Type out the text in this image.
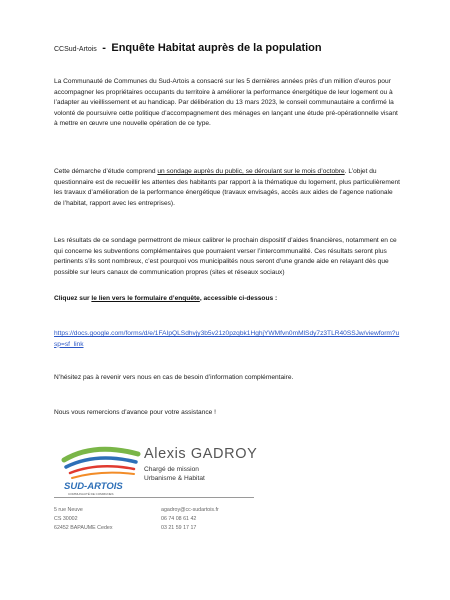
CCSud-Artois - Enquête Habitat auprès de la population

La Communauté de Communes du Sud-Artois a consacré sur les 5 dernières années près d’un million d’euros pour accompagner les propriétaires occupants du territoire à améliorer la performance énergétique de leur logement ou à l’adapter au vieillissement et au handicap. Par délibération du 13 mars 2023, le conseil communautaire a confirmé la volonté de poursuivre cette politique d’accompagnement des ménages en lançant une étude pré-opérationnelle visant à mettre en œuvre une nouvelle opération de ce type.

Cette démarche d’étude comprend un sondage auprès du public, se déroulant sur le mois d’octobre. L’objet du questionnaire est de recueillir les attentes des habitants par rapport à la thématique du logement, plus particulièrement les travaux d’amélioration de la performance énergétique (travaux envisagés, accès aux aides de l’agence nationale de l’habitat, rapport avec les entreprises).

Les résultats de ce sondage permettront de mieux calibrer le prochain dispositif d’aides financières, notamment en ce qui concerne les subventions complémentaires que pourraient verser l’intercommunalité. Ces résultats seront plus pertinents s’ils sont nombreux, c’est pourquoi vos municipalités nous seront d’une grande aide en relayant dès que possible sur leurs canaux de communication propres (sites et réseaux sociaux)

Cliquez sur le lien vers le formulaire d’enquête, accessible ci-dessous :
https://docs.google.com/forms/d/e/1FAIpQLSdhvjy3b5v21z0pzqbk1HghjYWMfvn0mMlSdy7z3TLR40SSJw/viewform?usp=sf_link

N’hésitez pas à revenir vers nous en cas de besoin d’information complémentaire.

Nous vous remercions d’avance pour votre assistance !

SUD-ARTOIS
COMMUNAUTÉ DE COMMUNES
Alexis GADROY
Chargé de mission
Urbanisme & Habitat
5 rue Neuve
CS 30002
62452 BAPAUME Cedex
agadroy@cc-sudartois.fr
06 74 08 61 42
03 21 59 17 17
